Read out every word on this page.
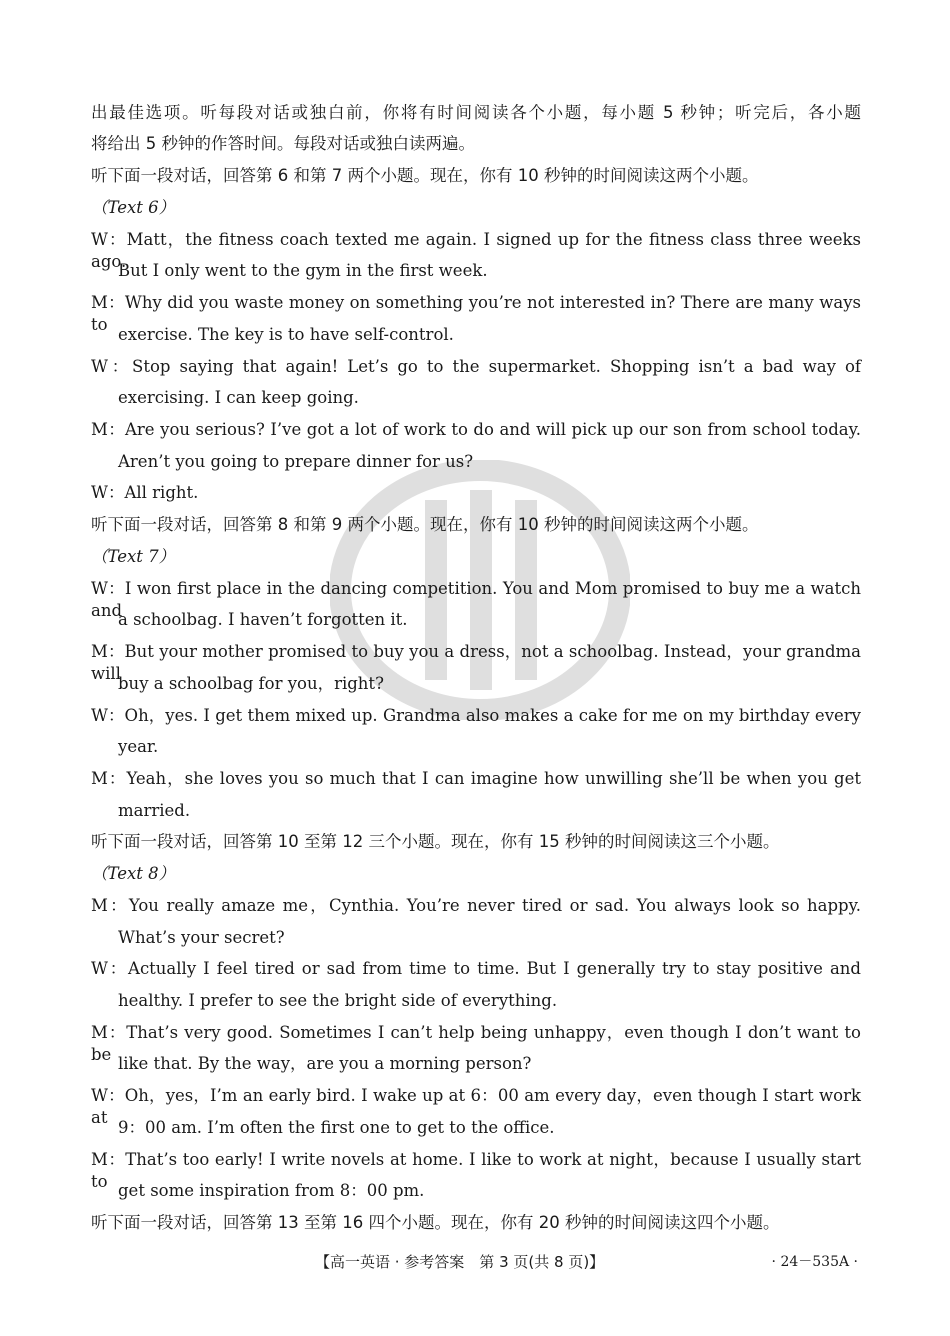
出最佳选项。听每段对话或独白前，你将有时间阅读各个小题，每小题 5 秒钟；听完后，各小题
将给出 5 秒钟的作答时间。每段对话或独白读两遍。
听下面一段对话，回答第 6 和第 7 两个小题。现在，你有 10 秒钟的时间阅读这两个小题。
（Text 6）
W：Matt，the fitness coach texted me again. I signed up for the fitness class three weeks ago.
But I only went to the gym in the first week.
M：Why did you waste money on something you’re not interested in? There are many ways to
exercise. The key is to have self-control.
W：Stop saying that again! Let’s go to the supermarket. Shopping isn’t a bad way of
exercising. I can keep going.
M：Are you serious? I’ve got a lot of work to do and will pick up our son from school today.
Aren’t you going to prepare dinner for us?
W：All right.
听下面一段对话，回答第 8 和第 9 两个小题。现在，你有 10 秒钟的时间阅读这两个小题。
（Text 7）
W：I won first place in the dancing competition. You and Mom promised to buy me a watch and
a schoolbag. I haven’t forgotten it.
M：But your mother promised to buy you a dress，not a schoolbag. Instead，your grandma will
buy a schoolbag for you，right?
W：Oh，yes. I get them mixed up. Grandma also makes a cake for me on my birthday every
year.
M：Yeah，she loves you so much that I can imagine how unwilling she’ll be when you get
married.
听下面一段对话，回答第 10 至第 12 三个小题。现在，你有 15 秒钟的时间阅读这三个小题。
（Text 8）
M：You really amaze me，Cynthia. You’re never tired or sad. You always look so happy.
What’s your secret?
W：Actually I feel tired or sad from time to time. But I generally try to stay positive and
healthy. I prefer to see the bright side of everything.
M：That’s very good. Sometimes I can’t help being unhappy，even though I don’t want to be like that. By the way，are you a morning person?
W：Oh，yes，I’m an early bird. I wake up at 6：00 am every day，even though I start work at
9：00 am. I’m often the first one to get to the office.
M：That’s too early! I write novels at home. I like to work at night，because I usually start to get some inspiration from 8：00 pm.
听下面一段对话，回答第 13 至第 16 四个小题。现在，你有 20 秒钟的时间阅读这四个小题。
【高一英语 · 参考答案　第 3 页(共 8 页)】	· 24－535A ·
